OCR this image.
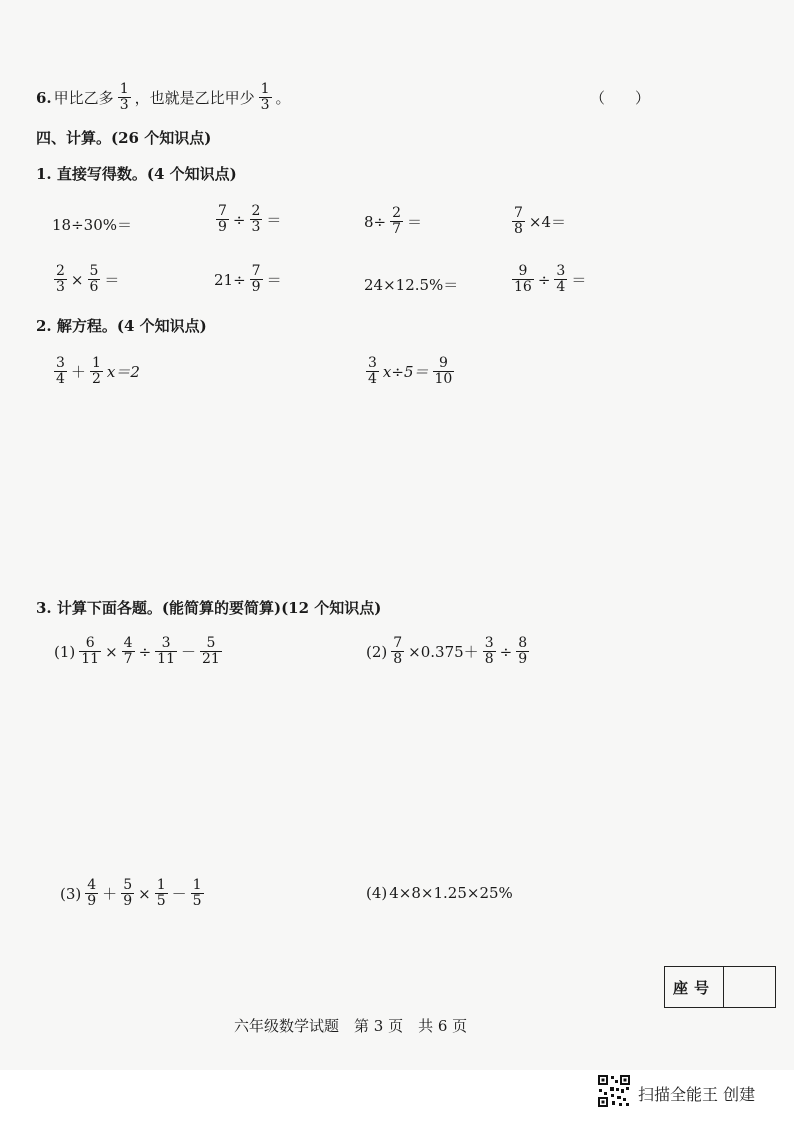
6. 甲比乙多 $\frac{1}{3}$ ，也就是乙比甲少 $\frac{1}{3}$ 。	（　　）
四、计算。(26 个知识点)
1. 直接写得数。(4 个知识点)
18÷30%＝	$\frac{7}{9} \div \frac{2}{3}$ ＝	$8\div \frac{2}{7}$ ＝	$\frac{7}{8} \times 4=$
$\frac{2}{3} \times \frac{5}{6}$ ＝	$21\div \frac{7}{9}$ ＝	24×12.5%＝	$\frac{9}{16} \div \frac{3}{4}$ ＝
2. 解方程。(4 个知识点)
$\frac{3}{4} + \frac{1}{2} x=2$	$\frac{3}{4} x\div 5= \frac{9}{10}$
3. 计算下面各题。(能简算的要简算)(12 个知识点)
$(1) \frac{6}{11} \times \frac{4}{7} \div \frac{3}{11} - \frac{5}{21}$	$(2) \frac{7}{8} \times 0.375+ \frac{3}{8} \div \frac{8}{9}$
$(3) \frac{4}{9} + \frac{5}{9} \times \frac{1}{5} - \frac{1}{5}$	(4) 4×8×1.25×25%
座号
六年级数学试题　第 3 页　共 6 页
扫描全能王 创建
